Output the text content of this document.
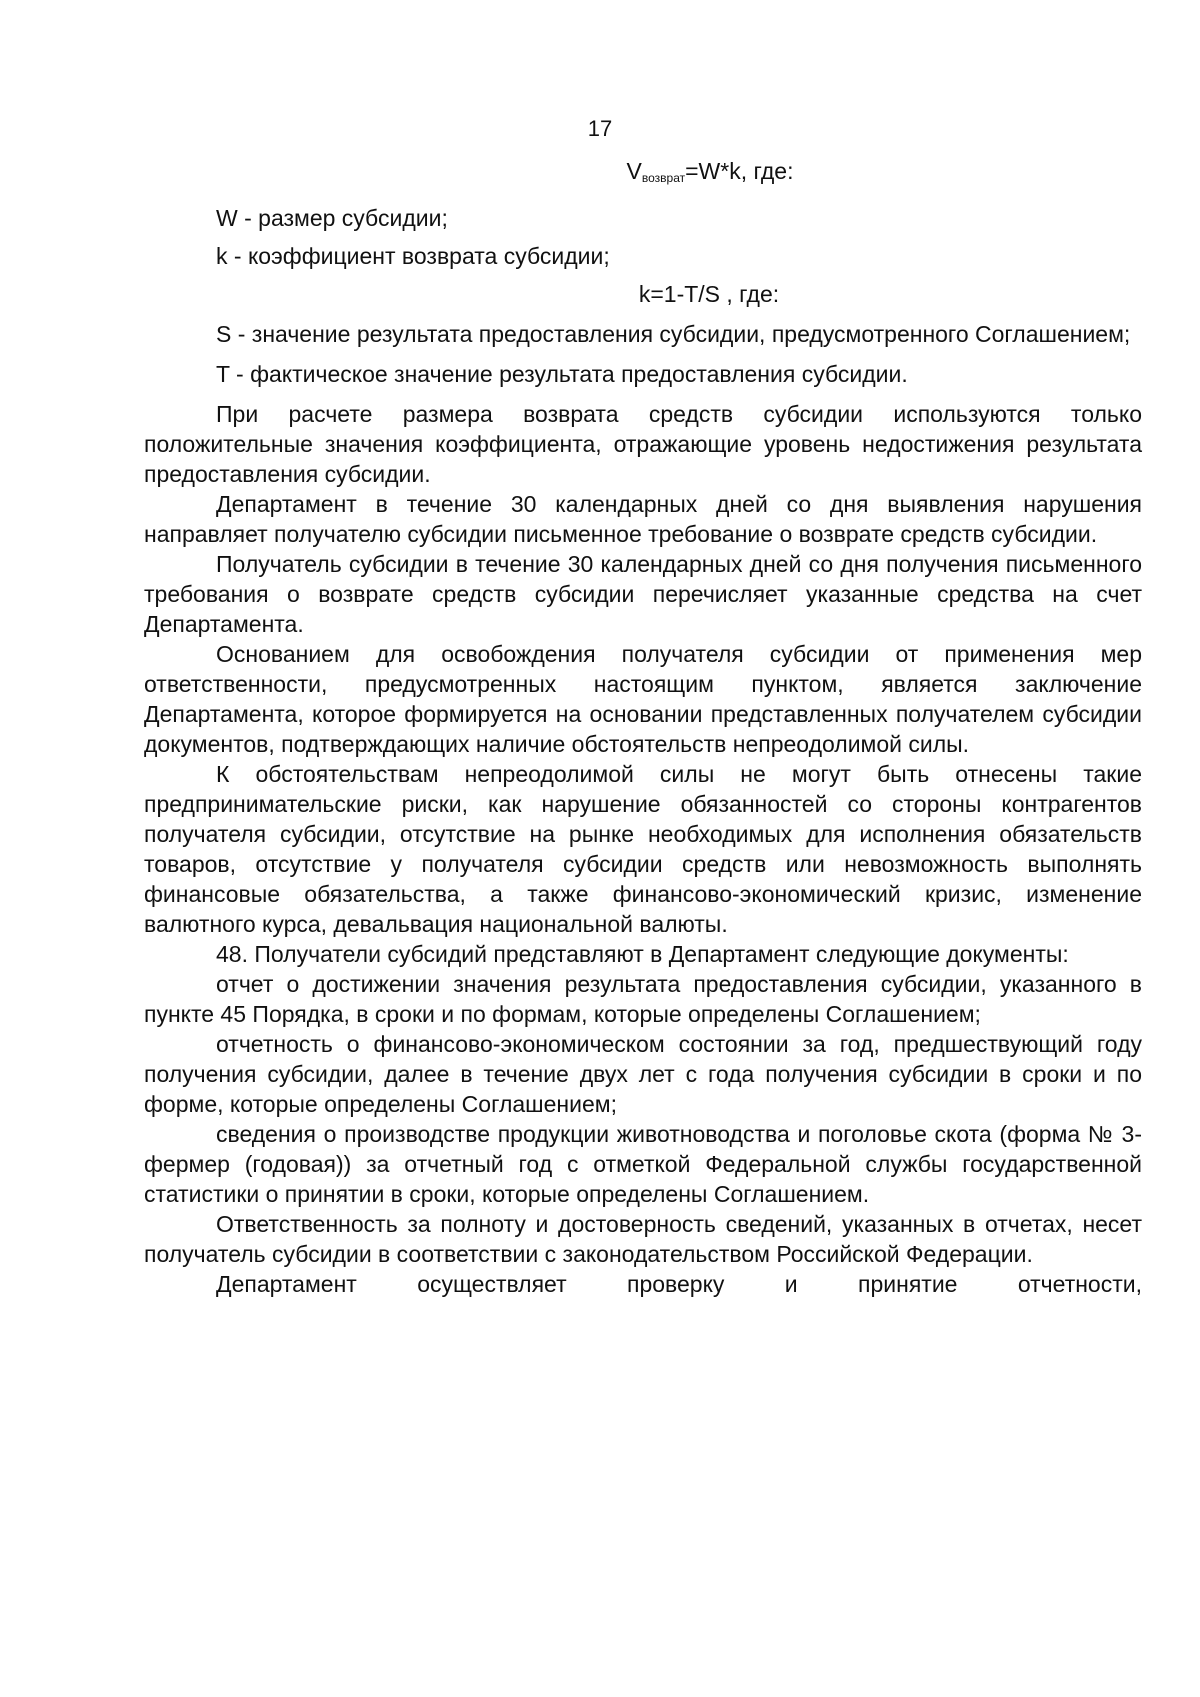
17
$V_{возврат}=W*k$, где:

W - размер субсидии;

k - коэффициент возврата субсидии;

k=1-T/S , где:

S - значение результата предоставления субсидии, предусмотренного Соглашением;

T - фактическое значение результата предоставления субсидии.

При расчете размера возврата средств субсидии используются только положительные значения коэффициента, отражающие уровень недостижения результата предоставления субсидии.

Департамент в течение 30 календарных дней со дня выявления нарушения направляет получателю субсидии письменное требование о возврате средств субсидии.

Получатель субсидии в течение 30 календарных дней со дня получения письменного требования о возврате средств субсидии перечисляет указанные средства на счет Департамента.

Основанием для освобождения получателя субсидии от применения мер ответственности, предусмотренных настоящим пунктом, является заключение Департамента, которое формируется на основании представленных получателем субсидии документов, подтверждающих наличие обстоятельств непреодолимой силы.

К обстоятельствам непреодолимой силы не могут быть отнесены такие предпринимательские риски, как нарушение обязанностей со стороны контрагентов получателя субсидии, отсутствие на рынке необходимых для исполнения обязательств товаров, отсутствие у получателя субсидии средств или невозможность выполнять финансовые обязательства, а также финансово-экономический кризис, изменение валютного курса, девальвация национальной валюты.

48. Получатели субсидий представляют в Департамент следующие документы:

отчет о достижении значения результата предоставления субсидии, указанного в пункте 45 Порядка, в сроки и по формам, которые определены Соглашением;

отчетность о финансово-экономическом состоянии за год, предшествующий году получения субсидии, далее в течение двух лет с года получения субсидии в сроки и по форме, которые определены Соглашением;

сведения о производстве продукции животноводства и поголовье скота (форма № 3-фермер (годовая)) за отчетный год с отметкой Федеральной службы государственной статистики о принятии в сроки, которые определены Соглашением.

Ответственность за полноту и достоверность сведений, указанных в отчетах, несет получатель субсидии в соответствии с законодательством Российской Федерации.

Департамент осуществляет проверку и принятие отчетности,
